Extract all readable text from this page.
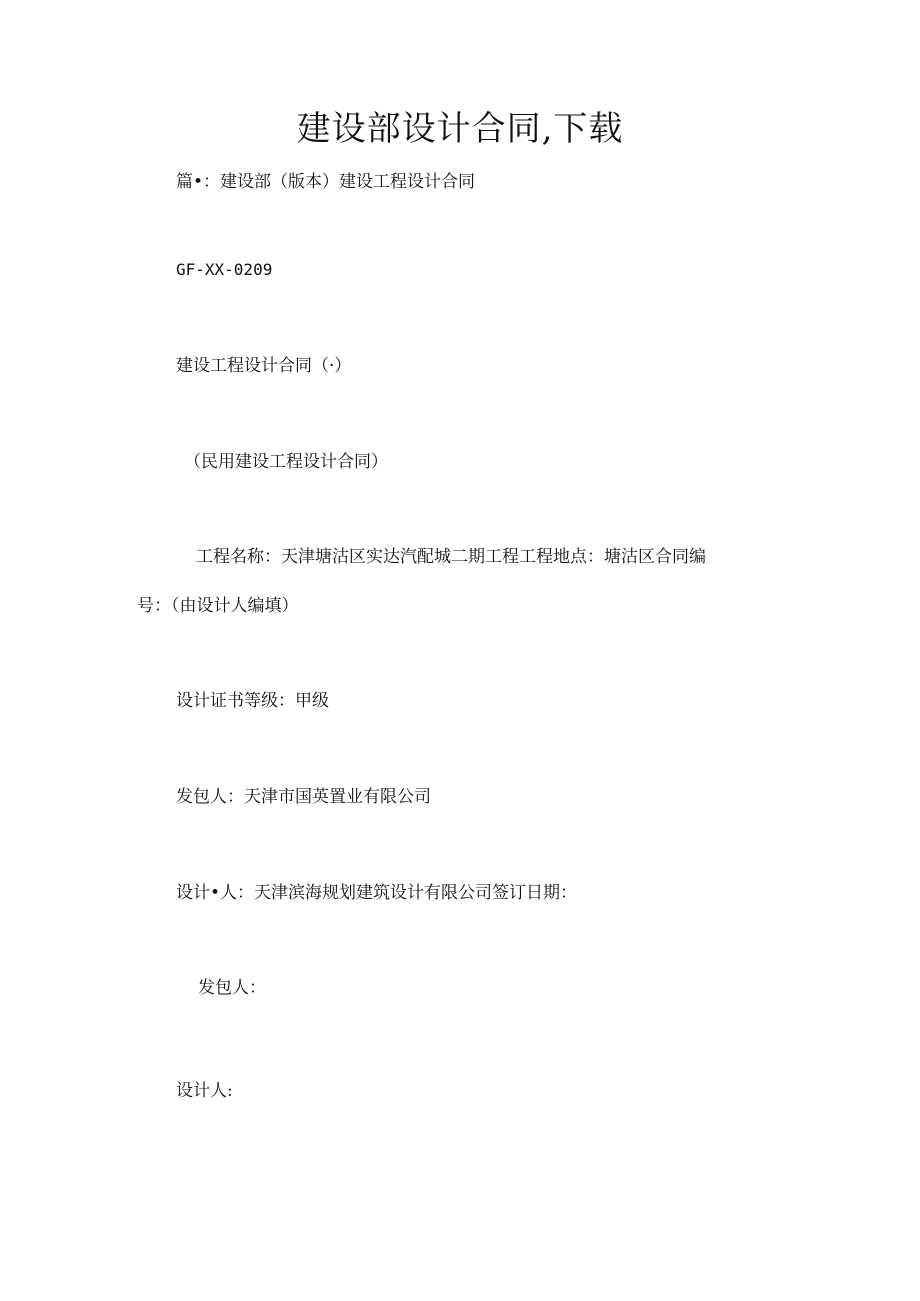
建设部设计合同,下载
篇•：建设部（版本）建设工程设计合同
GF-XX-0209
建设工程设计合同（·）
（民用建设工程设计合同）
工程名称：天津塘沽区实达汽配城二期工程工程地点：塘沽区合同编
号：（由设计人编填）
设计证书等级：甲级
发包人：天津市国英置业有限公司
设计•人：天津滨海规划建筑设计有限公司签订日期：
发包人：
设计人:
